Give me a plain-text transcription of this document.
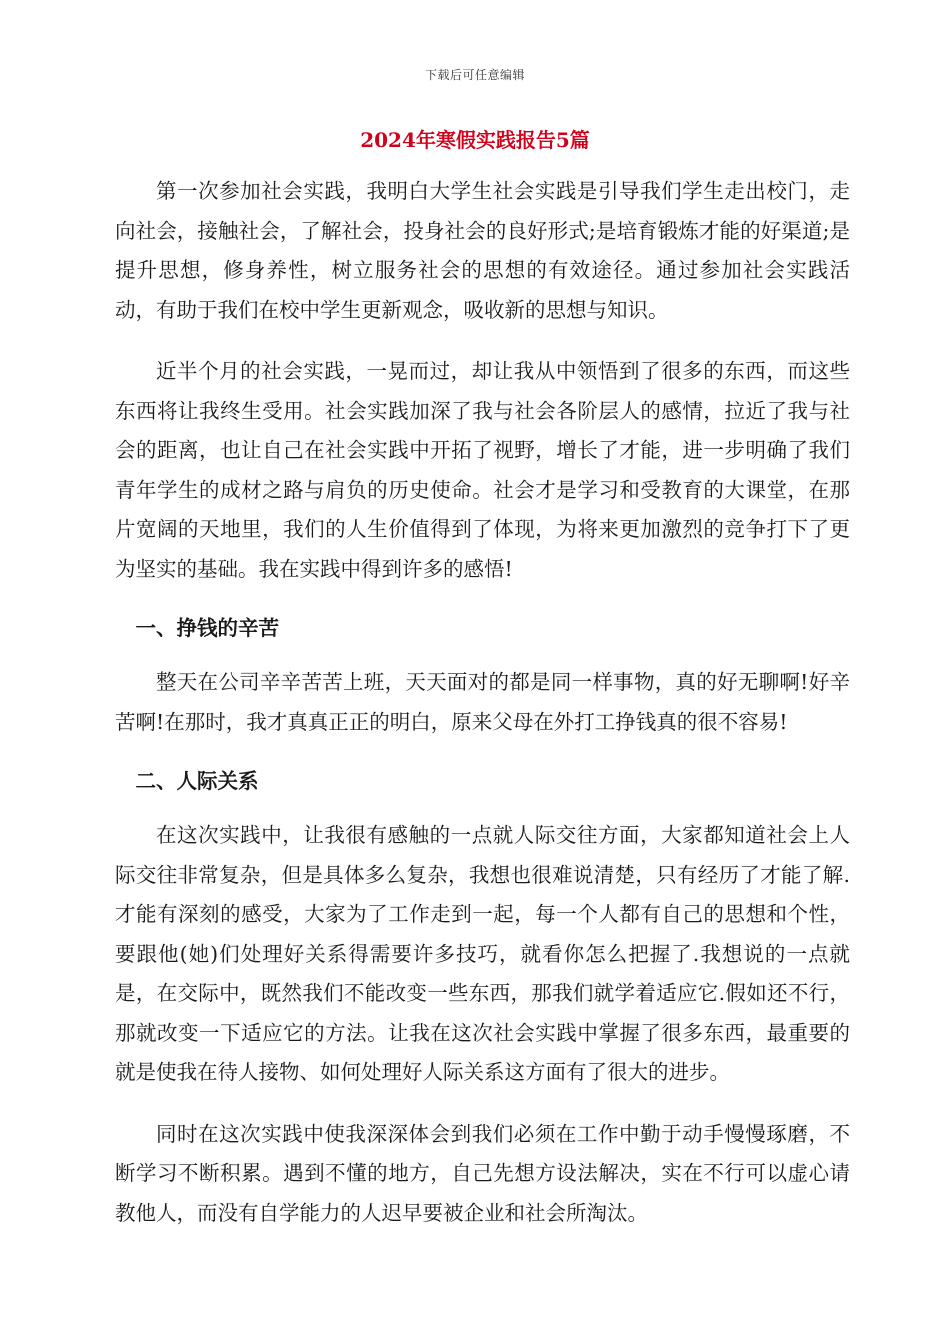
下载后可任意编辑
2024年寒假实践报告5篇

第一次参加社会实践，我明白大学生社会实践是引导我们学生走出校门，走向社会，接触社会，了解社会，投身社会的良好形式;是培育锻炼才能的好渠道;是提升思想，修身养性，树立服务社会的思想的有效途径。通过参加社会实践活动，有助于我们在校中学生更新观念，吸收新的思想与知识。

近半个月的社会实践，一晃而过，却让我从中领悟到了很多的东西，而这些东西将让我终生受用。社会实践加深了我与社会各阶层人的感情，拉近了我与社会的距离，也让自己在社会实践中开拓了视野，增长了才能，进一步明确了我们青年学生的成材之路与肩负的历史使命。社会才是学习和受教育的大课堂，在那片宽阔的天地里，我们的人生价值得到了体现，为将来更加激烈的竞争打下了更为坚实的基础。我在实践中得到许多的感悟!

一、挣钱的辛苦

整天在公司辛辛苦苦上班，天天面对的都是同一样事物，真的好无聊啊!好辛苦啊!在那时，我才真真正正的明白，原来父母在外打工挣钱真的很不容易!

二、人际关系

在这次实践中，让我很有感触的一点就人际交往方面，大家都知道社会上人际交往非常复杂，但是具体多么复杂，我想也很难说清楚，只有经历了才能了解.才能有深刻的感受，大家为了工作走到一起，每一个人都有自己的思想和个性，要跟他(她)们处理好关系得需要许多技巧，就看你怎么把握了.我想说的一点就是，在交际中，既然我们不能改变一些东西，那我们就学着适应它.假如还不行，那就改变一下适应它的方法。让我在这次社会实践中掌握了很多东西，最重要的就是使我在待人接物、如何处理好人际关系这方面有了很大的进步。

同时在这次实践中使我深深体会到我们必须在工作中勤于动手慢慢琢磨，不断学习不断积累。遇到不懂的地方，自己先想方设法解决，实在不行可以虚心请教他人，而没有自学能力的人迟早要被企业和社会所淘汰。
